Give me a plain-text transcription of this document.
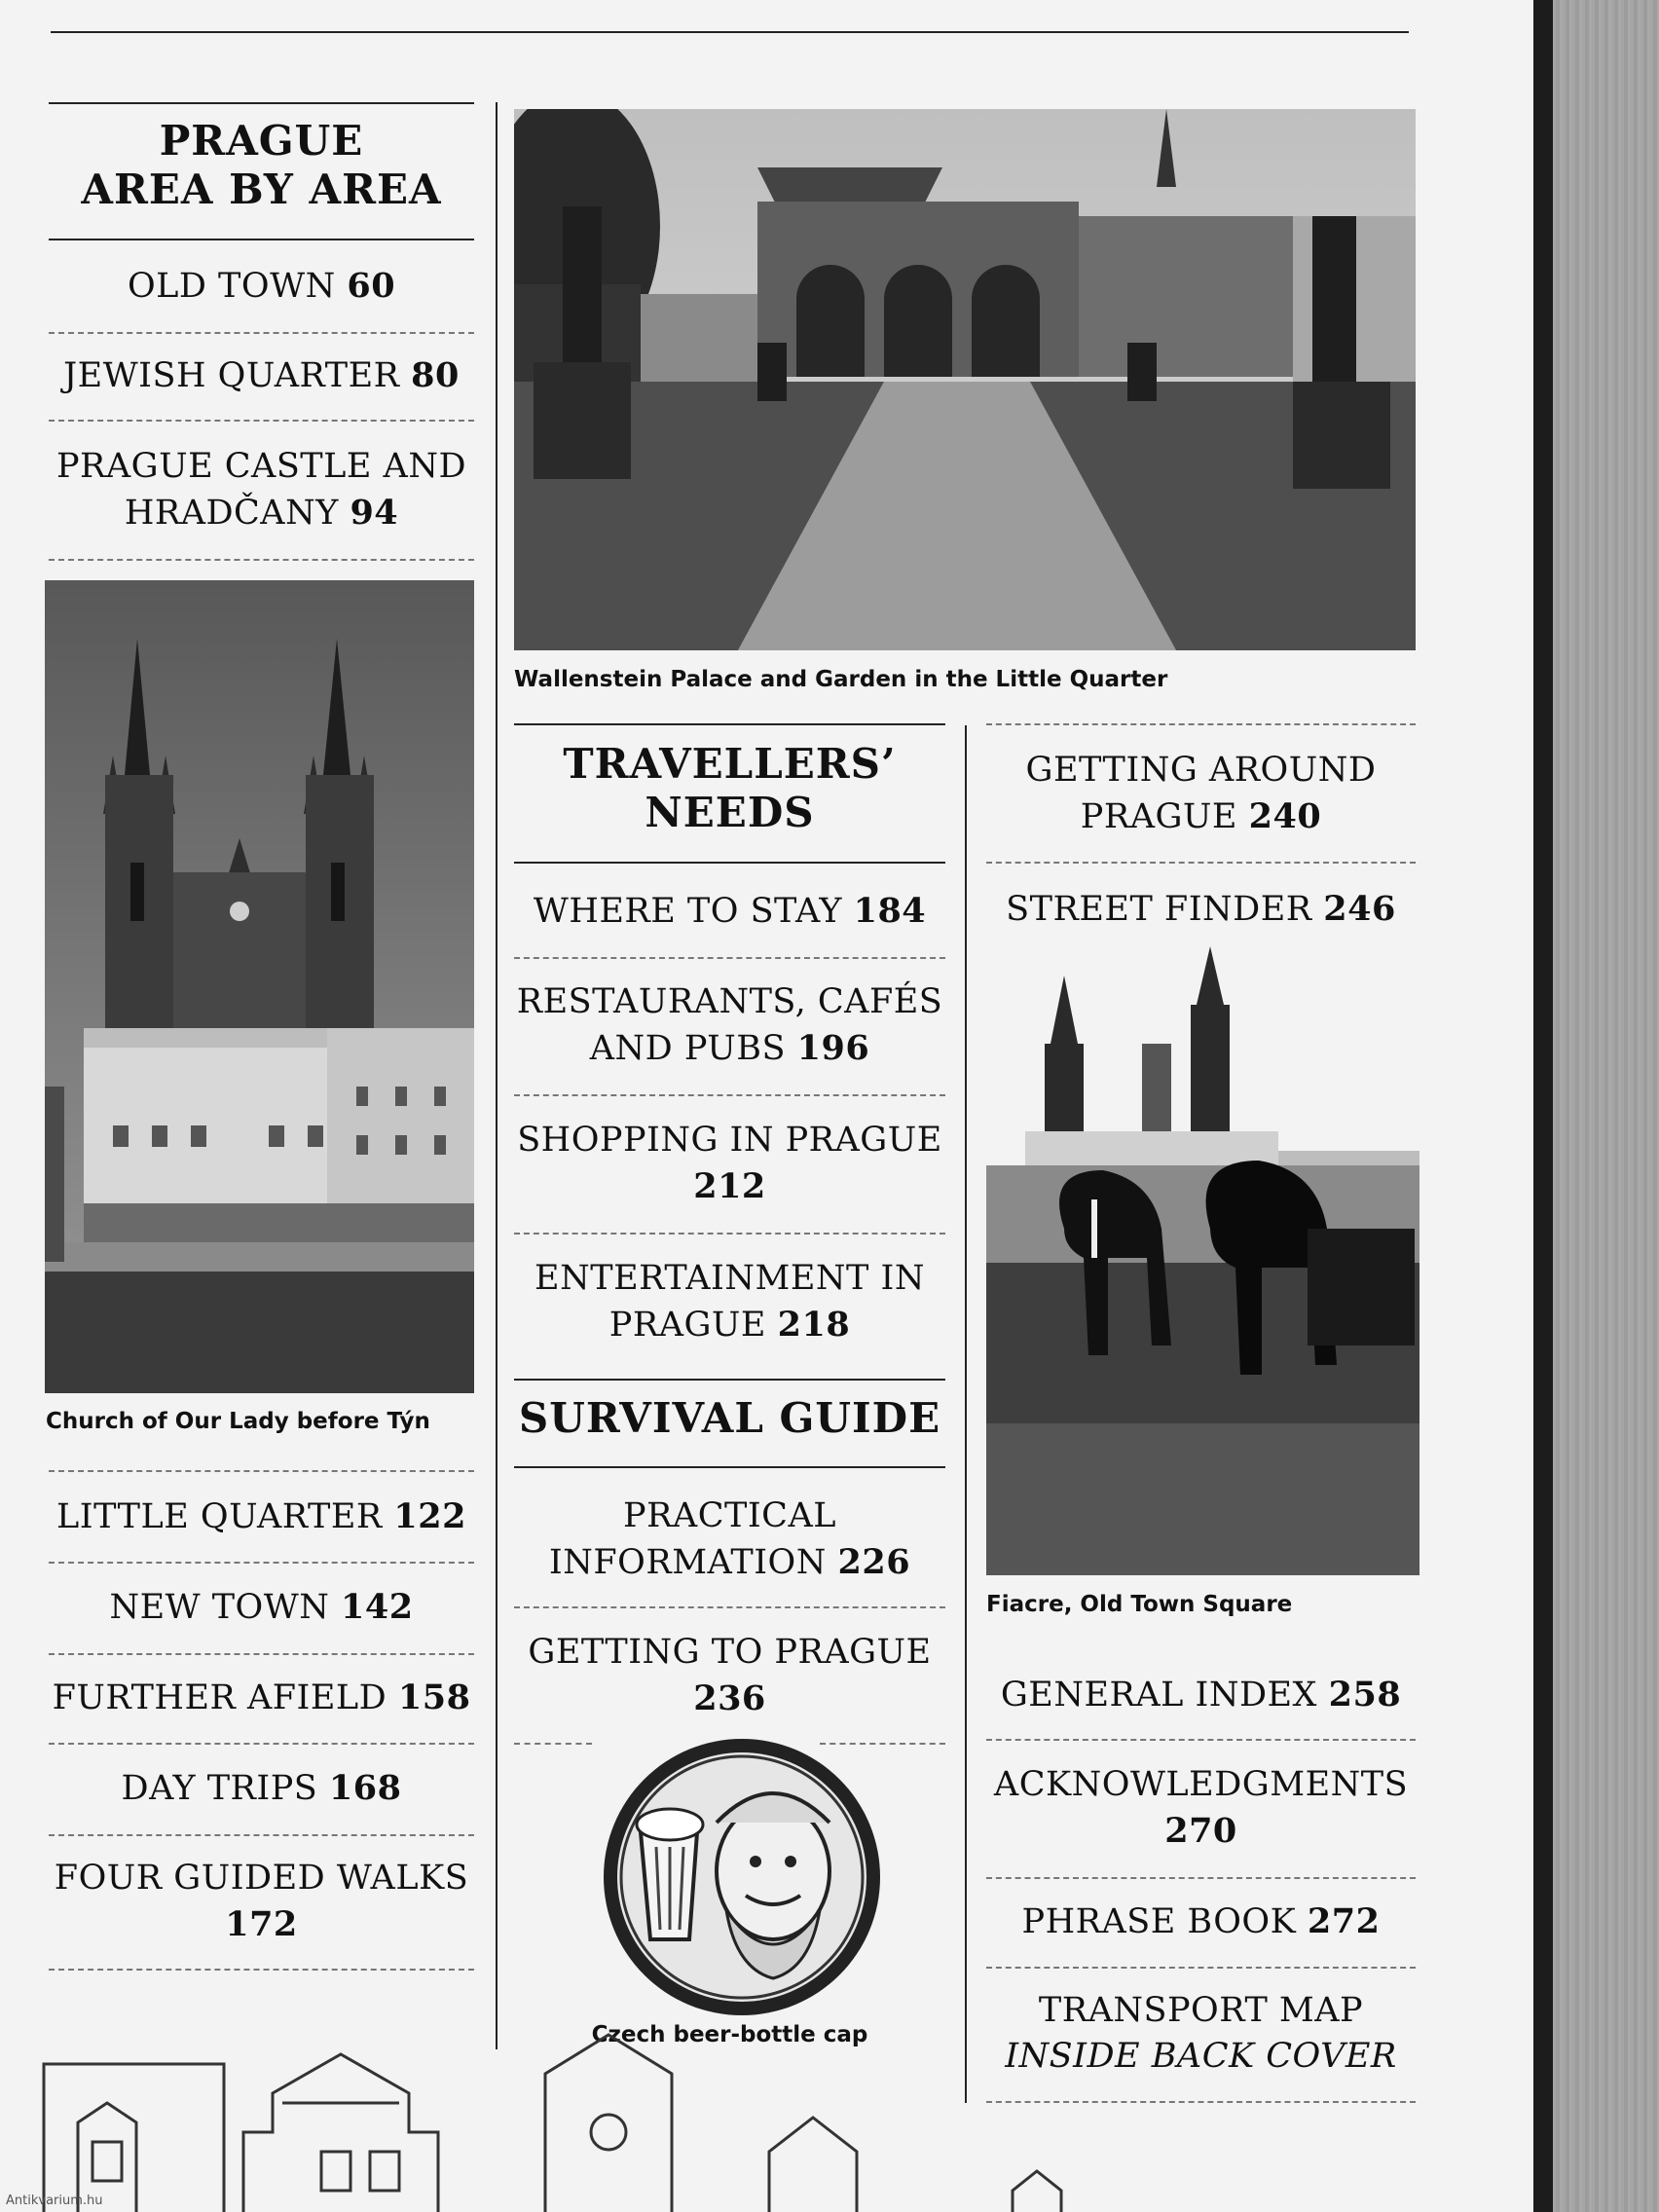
PRAGUE
AREA BY AREA
OLD TOWN 60
JEWISH QUARTER 80
PRAGUE CASTLE AND
HRADČANY 94
Church of Our Lady before Týn
LITTLE QUARTER 122
NEW TOWN 142
FURTHER AFIELD 158
DAY TRIPS 168
FOUR GUIDED WALKS
172
Wallenstein Palace and Garden in the Little Quarter
TRAVELLERS’
NEEDS
WHERE TO STAY 184
RESTAURANTS, CAFÉS
AND PUBS 196
SHOPPING IN PRAGUE
212
ENTERTAINMENT IN
PRAGUE 218
SURVIVAL GUIDE
PRACTICAL
INFORMATION 226
GETTING TO PRAGUE
236
Czech beer-bottle cap
GETTING AROUND
PRAGUE 240
STREET FINDER 246
Fiacre, Old Town Square
GENERAL INDEX 258
ACKNOWLEDGMENTS
270
PHRASE BOOK 272
TRANSPORT MAP
INSIDE BACK COVER
Antikvarium.hu
